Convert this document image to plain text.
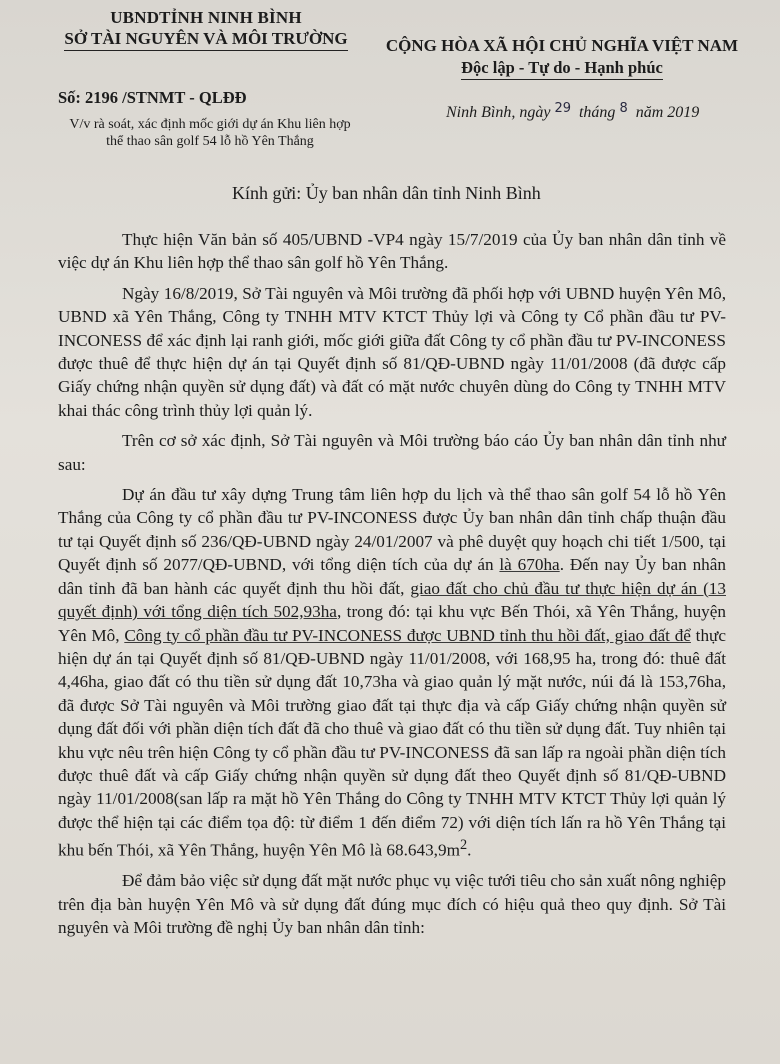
UBNDTỈNH NINH BÌNH
SỞ TÀI NGUYÊN VÀ MÔI TRƯỜNG	CỘNG HÒA XÃ HỘI CHỦ NGHĨA VIỆT NAM
Độc lập - Tự do - Hạnh phúc
Số: 2196 /STNMT - QLĐĐ
V/v rà soát, xác định mốc giới dự án Khu liên hợp
thể thao sân golf 54 lỗ hồ Yên Thắng
Ninh Bình, ngày $^{29}$ tháng $^8$ năm 2019
Kính gửi: Ủy ban nhân dân tỉnh Ninh Bình

Thực hiện Văn bản số 405/UBND -VP4 ngày 15/7/2019 của Ủy ban nhân dân tỉnh về việc dự án Khu liên hợp thể thao sân golf hồ Yên Thắng.

Ngày 16/8/2019, Sở Tài nguyên và Môi trường đã phối hợp với UBND huyện Yên Mô, UBND xã Yên Thắng, Công ty TNHH MTV KTCT Thủy lợi và Công ty Cổ phần đầu tư PV-INCONESS để xác định lại ranh giới, mốc giới giữa đất Công ty cổ phần đầu tư PV-INCONESS được thuê để thực hiện dự án tại Quyết định số 81/QĐ-UBND ngày 11/01/2008 (đã được cấp Giấy chứng nhận quyền sử dụng đất) và đất có mặt nước chuyên dùng do Công ty TNHH MTV khai thác công trình thủy lợi quản lý.

Trên cơ sở xác định, Sở Tài nguyên và Môi trường báo cáo Ủy ban nhân dân tỉnh như sau:

Dự án đầu tư xây dựng Trung tâm liên hợp du lịch và thể thao sân golf 54 lỗ hồ Yên Thắng của Công ty cổ phần đầu tư PV-INCONESS được Ủy ban nhân dân tỉnh chấp thuận đầu tư tại Quyết định số 236/QĐ-UBND ngày 24/01/2007 và phê duyệt quy hoạch chi tiết 1/500, tại Quyết định số 2077/QĐ-UBND, với tổng diện tích của dự án là 670ha. Đến nay Ủy ban nhân dân tỉnh đã ban hành các quyết định thu hồi đất, giao đất cho chủ đầu tư thực hiện dự án (13 quyết định) với tổng diện tích 502,93ha, trong đó: tại khu vực Bến Thói, xã Yên Thắng, huyện Yên Mô, Công ty cổ phần đầu tư PV-INCONESS được UBND tỉnh thu hồi đất, giao đất để thực hiện dự án tại Quyết định số 81/QĐ-UBND ngày 11/01/2008, với 168,95 ha, trong đó: thuê đất 4,46ha, giao đất có thu tiền sử dụng đất 10,73ha và giao quản lý mặt nước, núi đá là 153,76ha, đã được Sở Tài nguyên và Môi trường giao đất tại thực địa và cấp Giấy chứng nhận quyền sử dụng đất đối với phần diện tích đất đã cho thuê và giao đất có thu tiền sử dụng đất. Tuy nhiên tại khu vực nêu trên hiện Công ty cổ phần đầu tư PV-INCONESS đã san lấp ra ngoài phần diện tích được thuê đất và cấp Giấy chứng nhận quyền sử dụng đất theo Quyết định số 81/QĐ-UBND ngày 11/01/2008(san lấp ra mặt hồ Yên Thắng do Công ty TNHH MTV KTCT Thủy lợi quản lý được thể hiện tại các điểm tọa độ: từ điểm 1 đến điểm 72) với diện tích lấn ra hồ Yên Thắng tại khu bến Thói, xã Yên Thắng, huyện Yên Mô là $68.643,9m^2$.

Để đảm bảo việc sử dụng đất mặt nước phục vụ việc tưới tiêu cho sản xuất nông nghiệp trên địa bàn huyện Yên Mô và sử dụng đất đúng mục đích có hiệu quả theo quy định. Sở Tài nguyên và Môi trường đề nghị Ủy ban nhân dân tỉnh:
